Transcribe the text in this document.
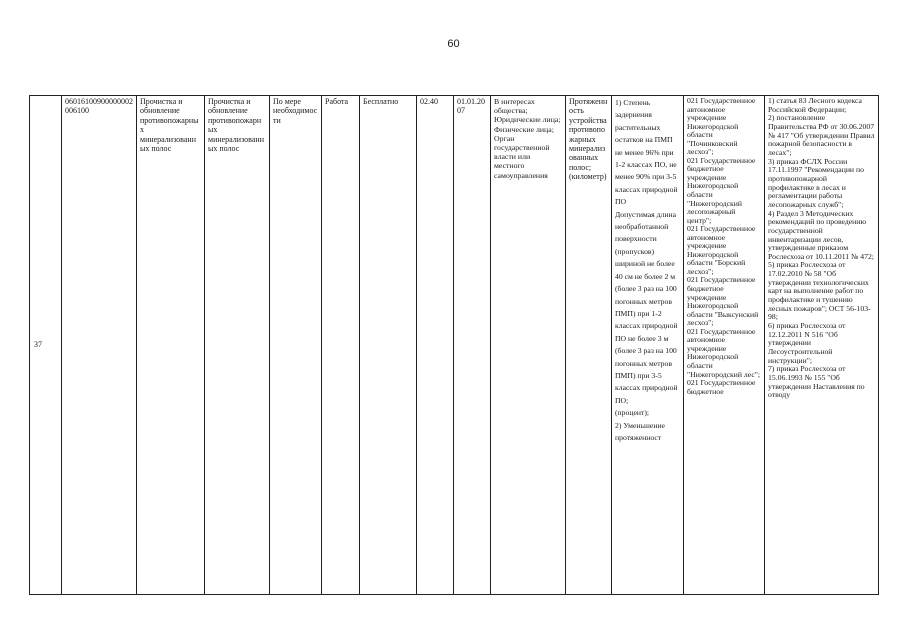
60
37	06016100900000002006100	Прочистка и обновление противопожарных минерализованных полос	Прочистка и обновление противопожарных минерализованных полос	По мере необходимости	Работа	Бесплатно	02.40	01.01.2007	В интересах общества; Юридические лица; Физические лица; Орган государственной власти или местного самоуправления	Протяженность устройства противопожарных минерализованных полос; (километр)	1) Степень задернения растительных остатков на ПМП не менее 96% при 1-2 классах ПО, не менее 90% при 3-5 классах природной ПО
Допустимая длина необработанной поверхности (пропусков) шириной не более 40 см не более 2 м (более 3 раз на 100 погонных метров ПМП) при 1-2 классах природной ПО не более 3 м (более 3 раз на 100 погонных метров ПМП) при 3-5 классах природной ПО;
(процент);
2) Уменьшение протяженност	021 Государственное автономное учреждение Нижегородской области "Починковский лесхоз";
021 Государственное бюджетное учреждение Нижегородской области "Нижегородский лесопожарный центр";
021 Государственное автономное учреждение Нижегородской области "Борский лесхоз";
021 Государственное бюджетное учреждение Нижегородской области "Выксунский лесхоз";
021 Государственное автономное учреждение Нижегородской области "Нижегородский лес";
021 Государственное бюджетное	1) статья 83 Лесного кодекса Российской Федерации;
2) постановление Правительства РФ от 30.06.2007 № 417 "Об утверждении Правил пожарной безопасности в лесах";
3) приказ ФСЛХ России 17.11.1997 "Рекомендации по противопожарной профилактике в лесах и регламентации работы лесопожарных служб";
4) Раздел 3 Методических рекомендаций по проведению государственной инвентаризации лесов, утвержденные приказом Рослесхоза от 10.11.2011 № 472;
5) приказ Рослесхоза от 17.02.2010 № 58 "Об утверждении технологических карт на выполнение работ по профилактике и тушению лесных пожаров"; ОСТ 56-103-98;
6) приказ Рослесхоза от 12.12.2011 N 516 "Об утверждении Лесоустроительной инструкции";
7) приказ Рослесхоза от 15.06.1993 № 155 "Об утверждении Наставления по отводу
